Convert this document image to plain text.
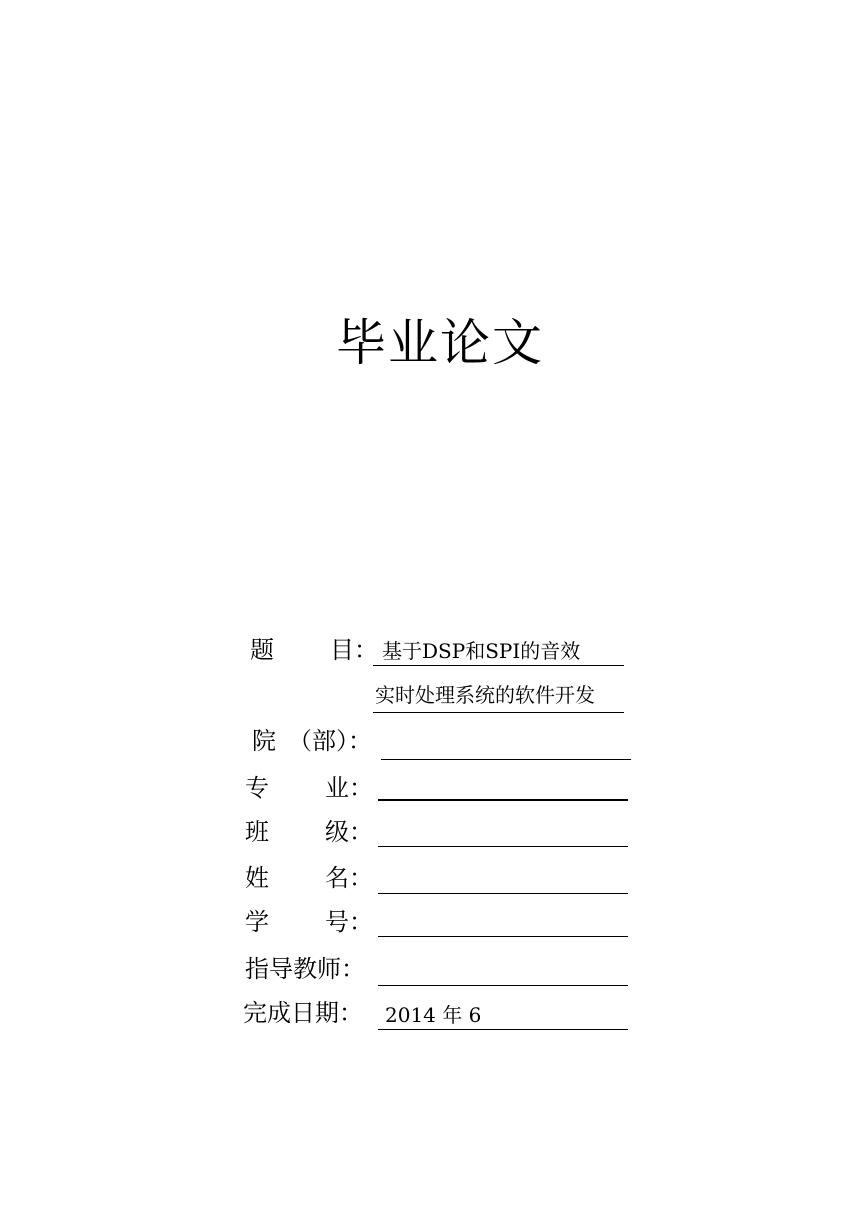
毕业论文
题 目： 基于DSP和SPI的音效
实时处理系统的软件开发
院 （部）：
专 业：
班 级：
姓 名：
学 号：
指导教师：
完成日期： 2014 年 6
